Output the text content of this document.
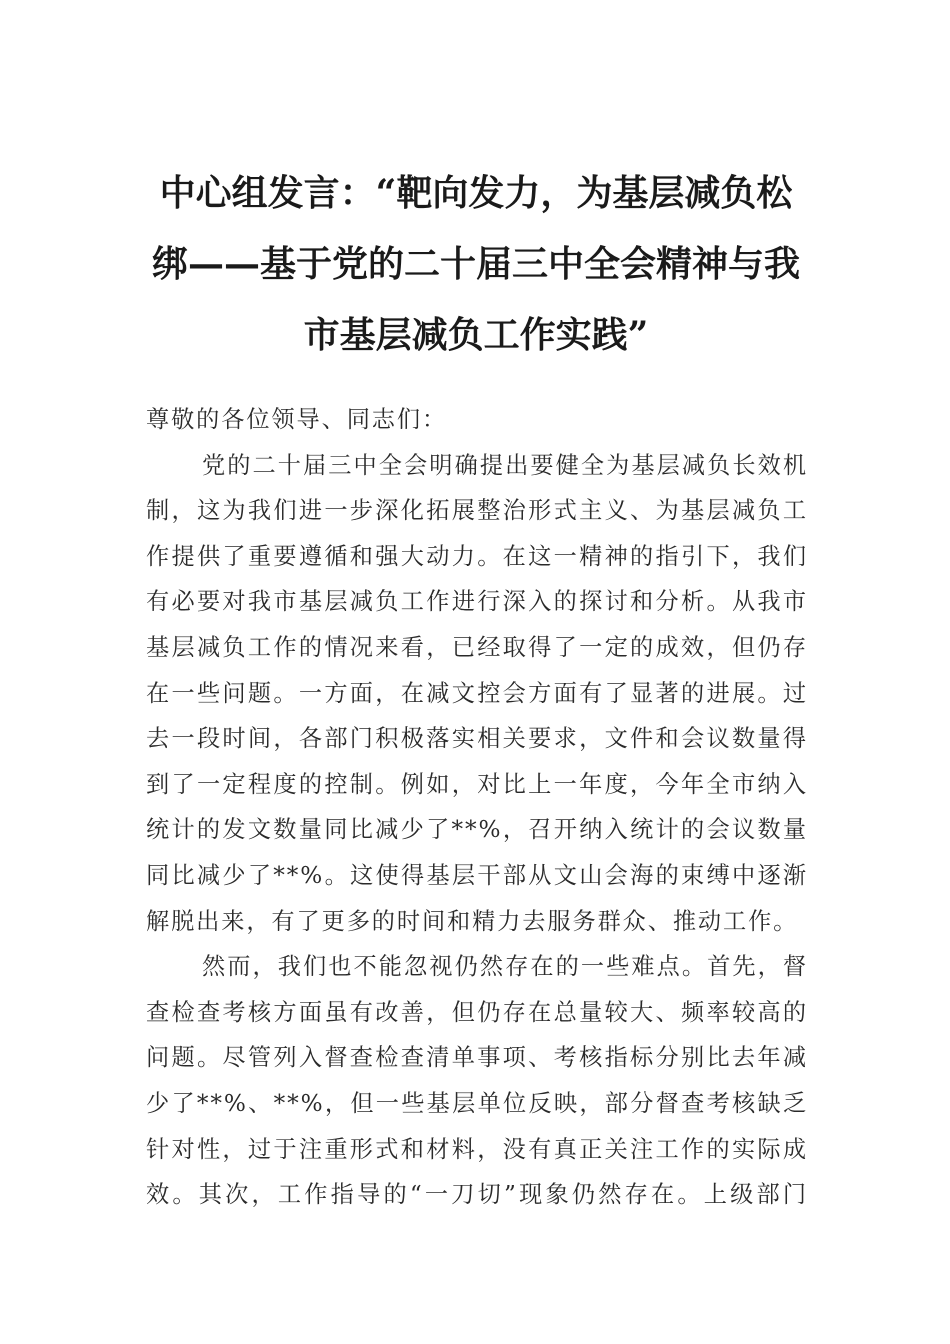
中心组发言：“靶向发力，为基层减负松
绑——基于党的二十届三中全会精神与我
市基层减负工作实践”
尊敬的各位领导、同志们：
党的二十届三中全会明确提出要健全为基层减负长效机
制，这为我们进一步深化拓展整治形式主义、为基层减负工
作提供了重要遵循和强大动力。在这一精神的指引下，我们
有必要对我市基层减负工作进行深入的探讨和分析。从我市
基层减负工作的情况来看，已经取得了一定的成效，但仍存
在一些问题。一方面，在减文控会方面有了显著的进展。过
去一段时间，各部门积极落实相关要求，文件和会议数量得
到了一定程度的控制。例如，对比上一年度，今年全市纳入
统计的发文数量同比减少了**%，召开纳入统计的会议数量
同比减少了**%。这使得基层干部从文山会海的束缚中逐渐
解脱出来，有了更多的时间和精力去服务群众、推动工作。
然而，我们也不能忽视仍然存在的一些难点。首先，督
查检查考核方面虽有改善，但仍存在总量较大、频率较高的
问题。尽管列入督查检查清单事项、考核指标分别比去年减
少了**%、**%，但一些基层单位反映，部分督查考核缺乏
针对性，过于注重形式和材料，没有真正关注工作的实际成
效。其次，工作指导的“一刀切”现象仍然存在。上级部门
